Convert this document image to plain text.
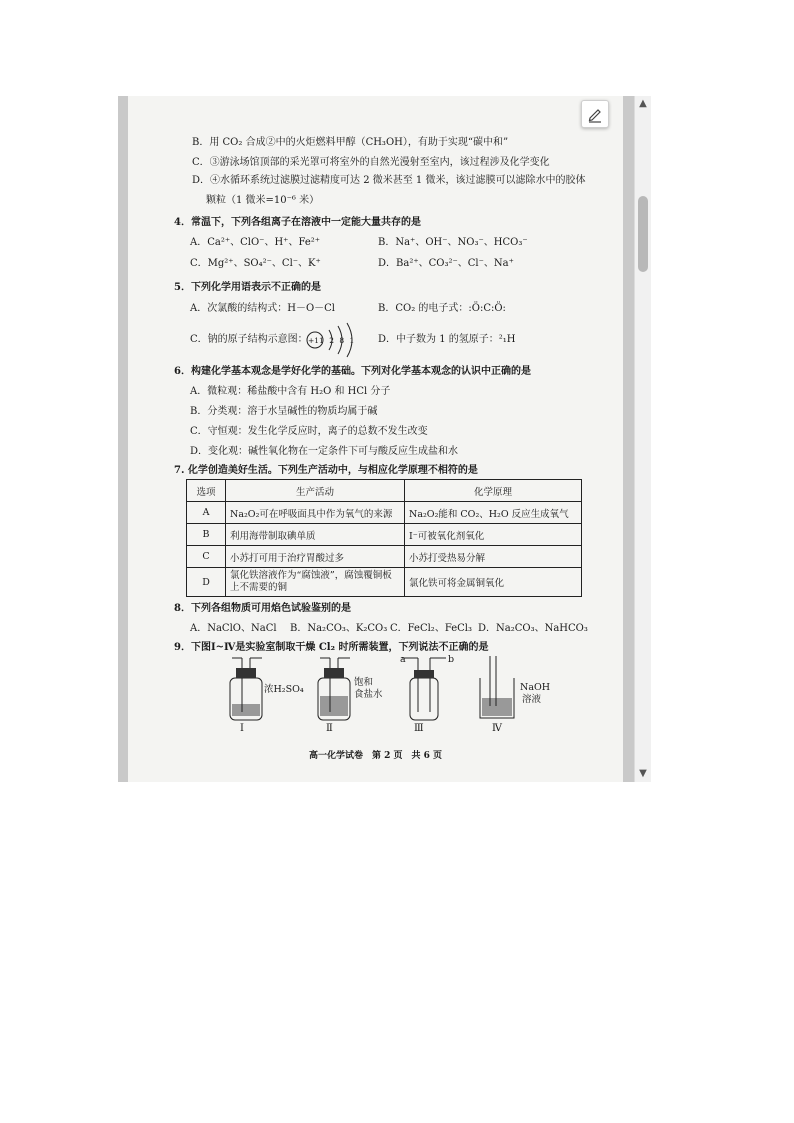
B．用 CO₂ 合成②中的火炬燃料甲醇（CH₃OH），有助于实现“碳中和”
C．③游泳场馆顶部的采光罩可将室外的自然光漫射至室内，该过程涉及化学变化
D．④水循环系统过滤膜过滤精度可达 2 微米甚至 1 微米，该过滤膜可以滤除水中的胶体
颗粒（1 微米=10⁻⁶ 米）
4．常温下，下列各组离子在溶液中一定能大量共存的是
A．Ca²⁺、ClO⁻、H⁺、Fe²⁺	B．Na⁺、OH⁻、NO₃⁻、HCO₃⁻
C．Mg²⁺、SO₄²⁻、Cl⁻、K⁺	D．Ba²⁺、CO₃²⁻、Cl⁻、Na⁺
5．下列化学用语表示不正确的是
A．次氯酸的结构式：H－O－Cl	B．CO₂ 的电子式：:Ö:C:Ö:
C．钠的原子结构示意图： +11 2 8 1 D．中子数为 1 的氢原子：²₁H
6．构建化学基本观念是学好化学的基础。下列对化学基本观念的认识中正确的是
A．微粒观：稀盐酸中含有 H₂O 和 HCl 分子
B．分类观：溶于水呈碱性的物质均属于碱
C．守恒观：发生化学反应时，离子的总数不发生改变
D．变化观：碱性氧化物在一定条件下可与酸反应生成盐和水
7. 化学创造美好生活。下列生产活动中，与相应化学原理不相符的是
选项	生产活动	化学原理
A	Na₂O₂可在呼吸面具中作为氧气的来源	Na₂O₂能和 CO₂、H₂O 反应生成氧气
B	利用海带制取碘单质	I⁻可被氧化剂氧化
C	小苏打可用于治疗胃酸过多	小苏打受热易分解
D	氯化铁溶液作为“腐蚀液”，腐蚀覆铜板上不需要的铜	氯化铁可将金属铜氧化
8．下列各组物质可用焰色试验鉴别的是
A．NaClO、NaCl B．Na₂CO₃、K₂CO₃ C．FeCl₂、FeCl₃ D．Na₂CO₃、NaHCO₃
9．下图Ⅰ~Ⅳ是实验室制取干燥 Cl₂ 时所需装置，下列说法不正确的是
浓H₂SO₄
饱和
食盐水
a	b
NaOH
溶液
Ⅰ	Ⅱ	Ⅲ	Ⅳ
高一化学试卷　第 2 页　共 6 页
▲
▼
